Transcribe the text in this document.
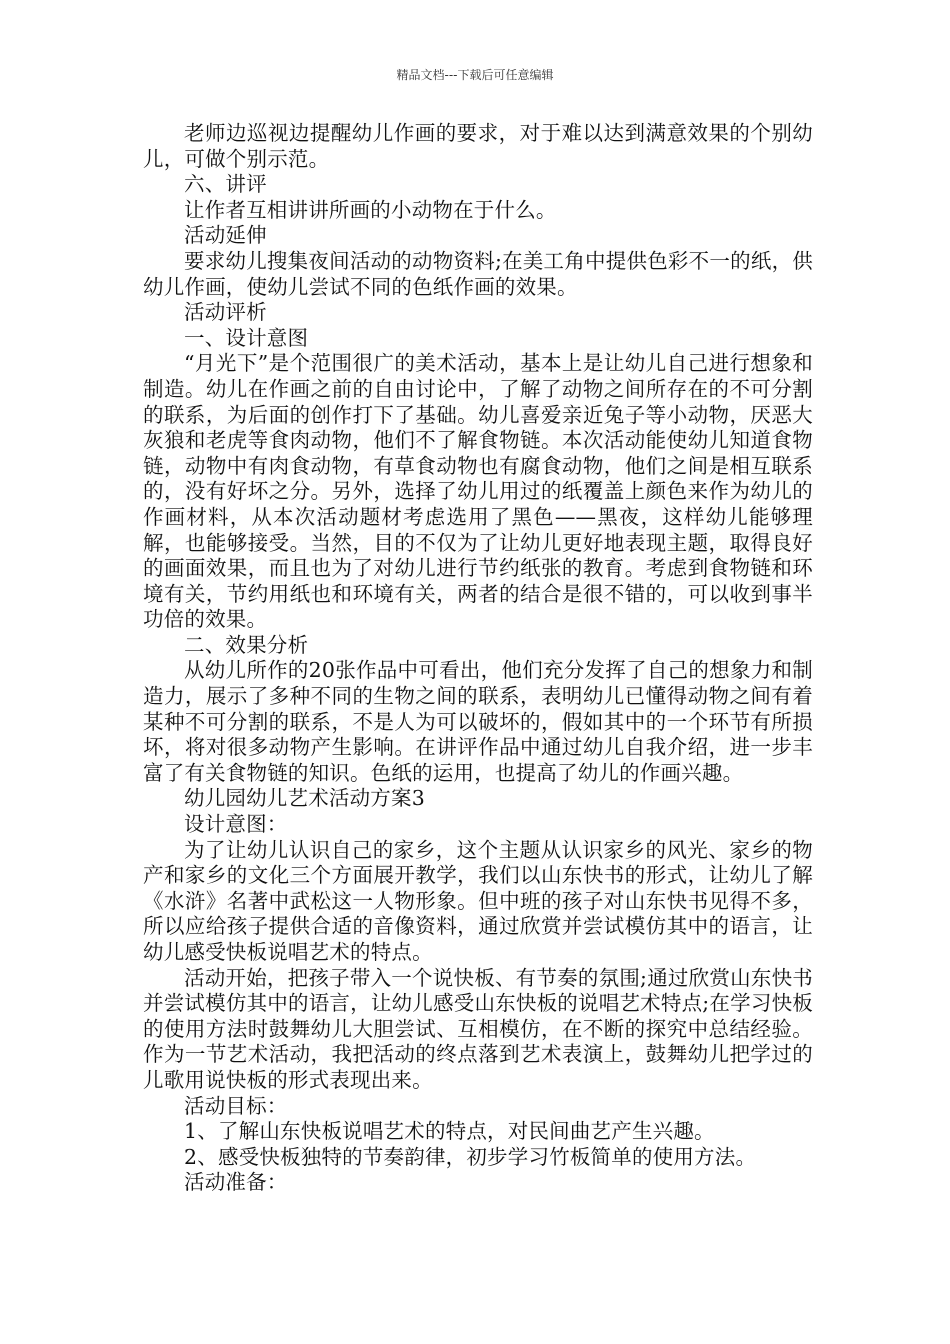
精品文档---下载后可任意编辑

老师边巡视边提醒幼儿作画的要求，对于难以达到满意效果的个别幼儿，可做个别示范。

六、讲评

让作者互相讲讲所画的小动物在于什么。

活动延伸

要求幼儿搜集夜间活动的动物资料;在美工角中提供色彩不一的纸，供幼儿作画，使幼儿尝试不同的色纸作画的效果。

活动评析

一、设计意图

“月光下”是个范围很广的美术活动，基本上是让幼儿自己进行想象和制造。幼儿在作画之前的自由讨论中，了解了动物之间所存在的不可分割的联系，为后面的创作打下了基础。幼儿喜爱亲近兔子等小动物，厌恶大灰狼和老虎等食肉动物，他们不了解食物链。本次活动能使幼儿知道食物链，动物中有肉食动物，有草食动物也有腐食动物，他们之间是相互联系的，没有好坏之分。另外，选择了幼儿用过的纸覆盖上颜色来作为幼儿的作画材料，从本次活动题材考虑选用了黑色——黑夜，这样幼儿能够理解，也能够接受。当然，目的不仅为了让幼儿更好地表现主题，取得良好的画面效果，而且也为了对幼儿进行节约纸张的教育。考虑到食物链和环境有关，节约用纸也和环境有关，两者的结合是很不错的，可以收到事半功倍的效果。

二、效果分析

从幼儿所作的20张作品中可看出，他们充分发挥了自己的想象力和制造力，展示了多种不同的生物之间的联系，表明幼儿已懂得动物之间有着某种不可分割的联系，不是人为可以破坏的，假如其中的一个环节有所损坏，将对很多动物产生影响。在讲评作品中通过幼儿自我介绍，进一步丰富了有关食物链的知识。色纸的运用，也提高了幼儿的作画兴趣。

幼儿园幼儿艺术活动方案3

设计意图：

为了让幼儿认识自己的家乡，这个主题从认识家乡的风光、家乡的物产和家乡的文化三个方面展开教学，我们以山东快书的形式，让幼儿了解《水浒》名著中武松这一人物形象。但中班的孩子对山东快书见得不多，所以应给孩子提供合适的音像资料，通过欣赏并尝试模仿其中的语言，让幼儿感受快板说唱艺术的特点。

活动开始，把孩子带入一个说快板、有节奏的氛围;通过欣赏山东快书并尝试模仿其中的语言，让幼儿感受山东快板的说唱艺术特点;在学习快板的使用方法时鼓舞幼儿大胆尝试、互相模仿，在不断的探究中总结经验。作为一节艺术活动，我把活动的终点落到艺术表演上，鼓舞幼儿把学过的儿歌用说快板的形式表现出来。

活动目标：

1、了解山东快板说唱艺术的特点，对民间曲艺产生兴趣。

2、感受快板独特的节奏韵律，初步学习竹板简单的使用方法。

活动准备：
